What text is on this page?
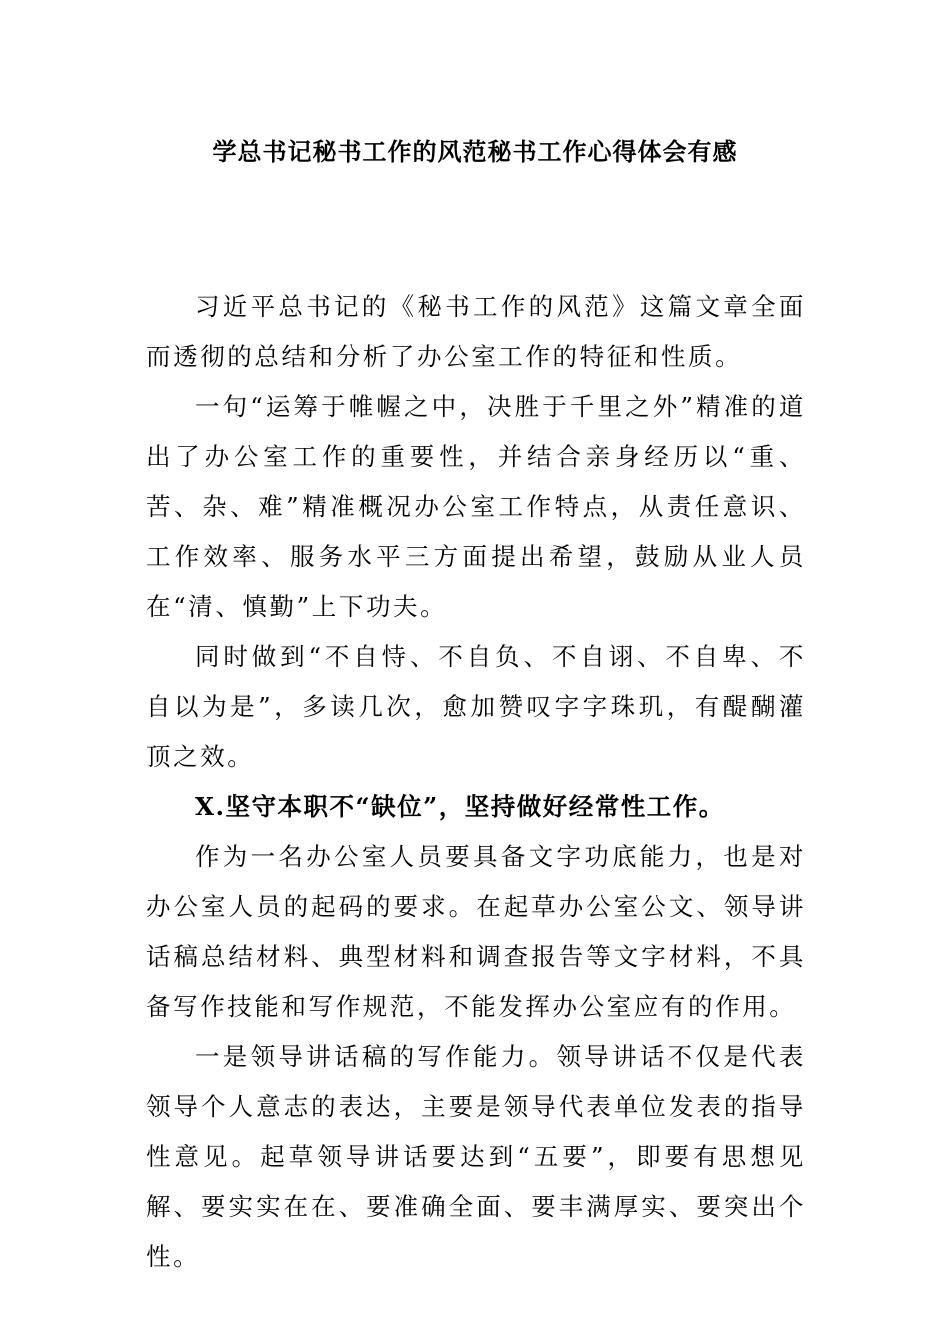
学总书记秘书工作的风范秘书工作心得体会有感

习近平总书记的《秘书工作的风范》这篇文章全面而透彻的总结和分析了办公室工作的特征和性质。

一句“运筹于帷幄之中，决胜于千里之外”精准的道出了办公室工作的重要性，并结合亲身经历以“重、苦、杂、难”精准概况办公室工作特点，从责任意识、工作效率、服务水平三方面提出希望，鼓励从业人员在“清、慎勤”上下功夫。

同时做到“不自恃、不自负、不自诩、不自卑、不自以为是”，多读几次，愈加赞叹字字珠玑，有醍醐灌顶之效。

X.坚守本职不“缺位”，坚持做好经常性工作。

作为一名办公室人员要具备文字功底能力，也是对办公室人员的起码的要求。在起草办公室公文、领导讲话稿总结材料、典型材料和调查报告等文字材料，不具备写作技能和写作规范，不能发挥办公室应有的作用。

一是领导讲话稿的写作能力。领导讲话不仅是代表领导个人意志的表达，主要是领导代表单位发表的指导性意见。起草领导讲话要达到“五要”，即要有思想见解、要实实在在、要准确全面、要丰满厚实、要突出个性。
